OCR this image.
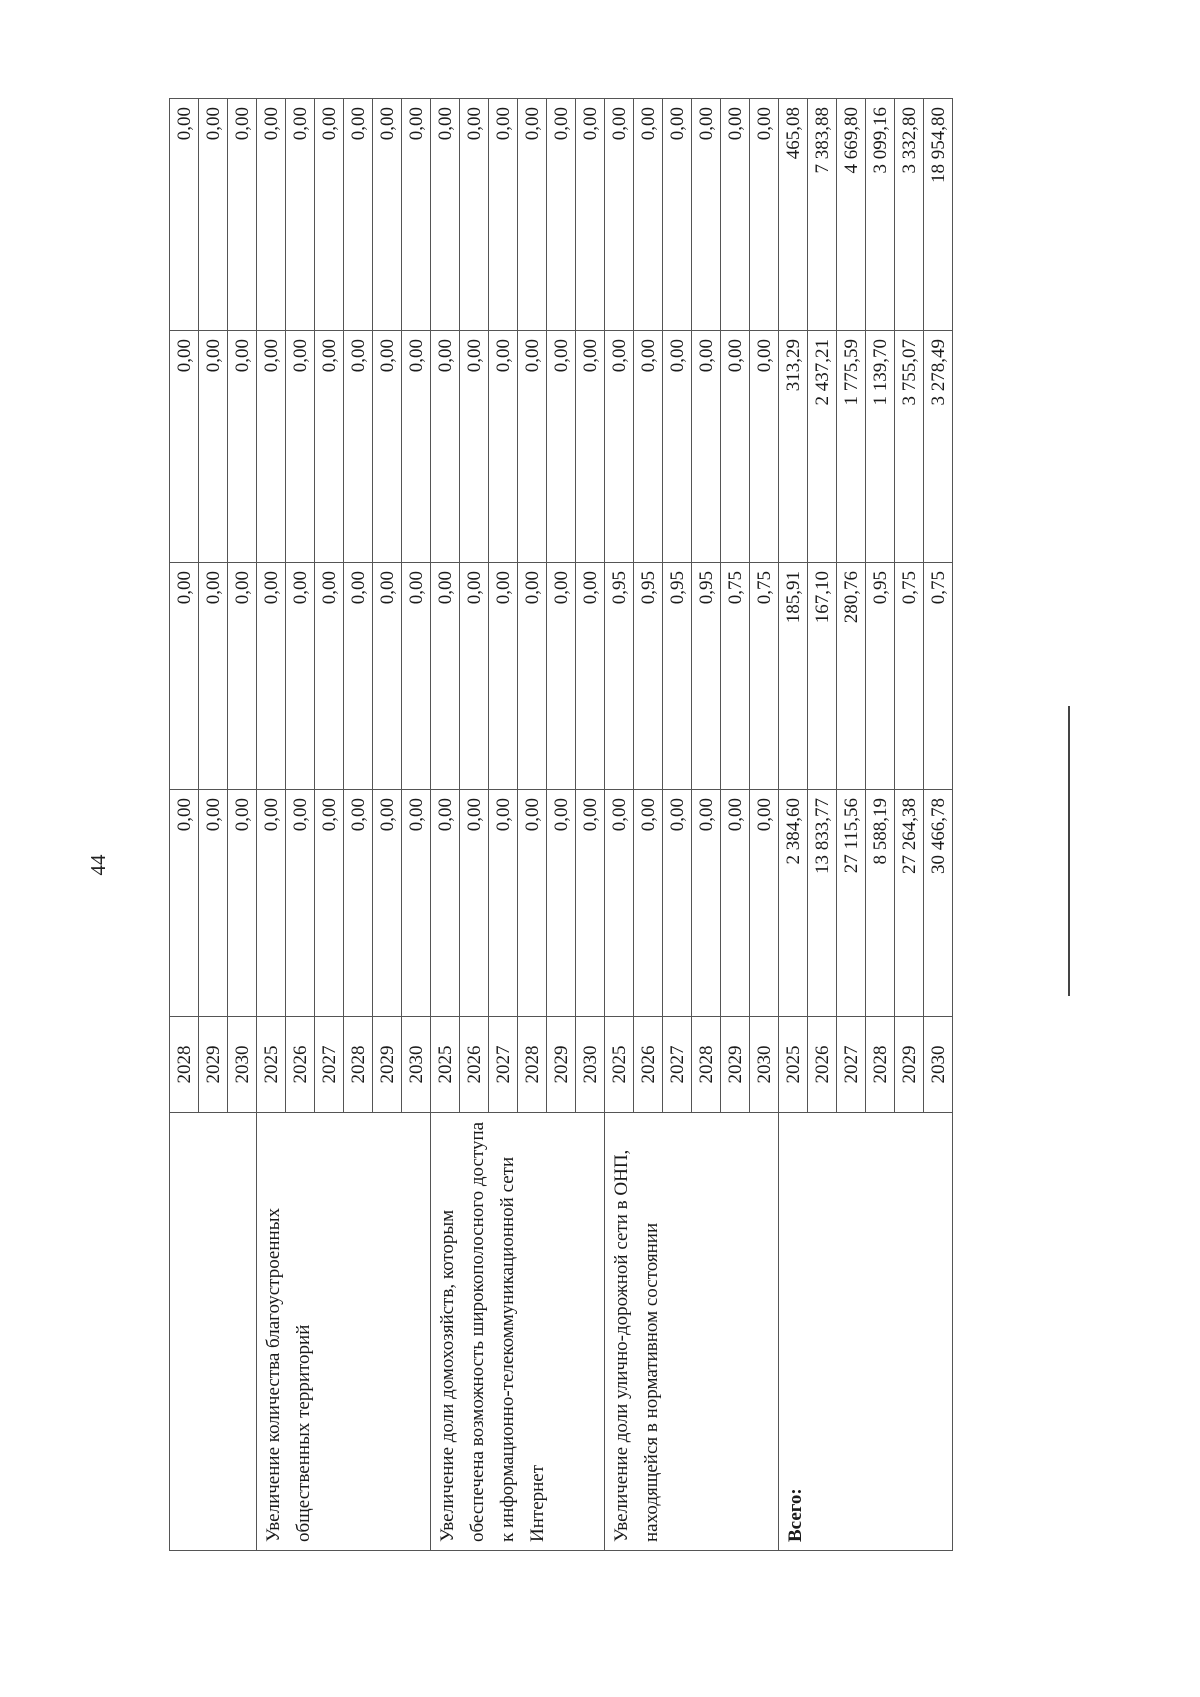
44
	2028	0,00	0,00	0,00	0,00
	2029	0,00	0,00	0,00	0,00
	2030	0,00	0,00	0,00	0,00
Увеличение количества благоустроенных общественных территорий	2025	0,00	0,00	0,00	0,00
	2026	0,00	0,00	0,00	0,00
	2027	0,00	0,00	0,00	0,00
	2028	0,00	0,00	0,00	0,00
	2029	0,00	0,00	0,00	0,00
	2030	0,00	0,00	0,00	0,00
Увеличение доли домохозяйств, которым обеспечена возможность широкополосного доступа к информационно-телекоммуникационной сети Интернет	2025	0,00	0,00	0,00	0,00
	2026	0,00	0,00	0,00	0,00
	2027	0,00	0,00	0,00	0,00
	2028	0,00	0,00	0,00	0,00
	2029	0,00	0,00	0,00	0,00
	2030	0,00	0,00	0,00	0,00
Увеличение доли улично-дорожной сети в ОНП, находящейся в нормативном состоянии	2025	0,00	0,95	0,00	0,00
	2026	0,00	0,95	0,00	0,00
	2027	0,00	0,95	0,00	0,00
	2028	0,00	0,95	0,00	0,00
	2029	0,00	0,75	0,00	0,00
	2030	0,00	0,75	0,00	0,00
Всего:	2025	2 384,60	185,91	313,29	465,08
	2026	13 833,77	167,10	2 437,21	7 383,88
	2027	27 115,56	280,76	1 775,59	4 669,80
	2028	8 588,19	0,95	1 139,70	3 099,16
	2029	27 264,38	0,75	3 755,07	3 332,80
	2030	30 466,78	0,75	3 278,49	18 954,80
